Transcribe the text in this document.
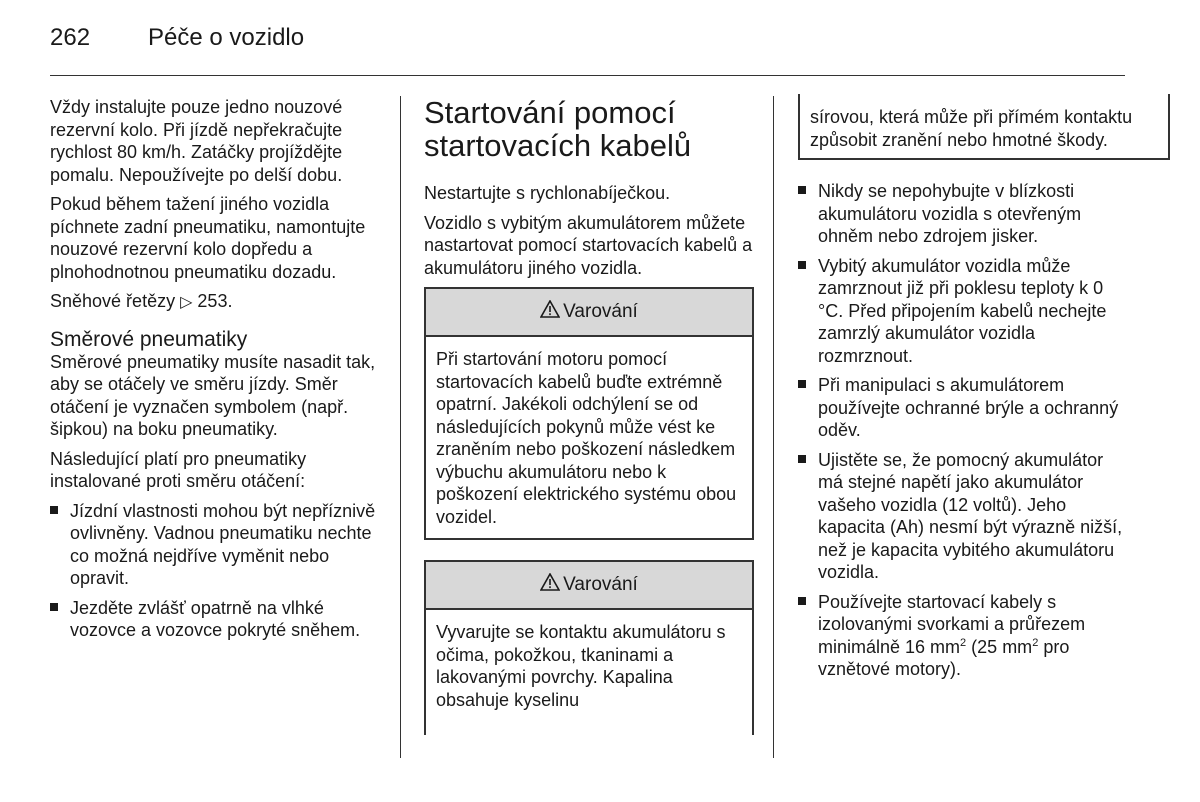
262 Péče o vozidlo

Vždy instalujte pouze jedno nouzové rezervní kolo. Při jízdě nepřekračujte rychlost 80 km/h. Zatáčky projíždějte pomalu. Nepoužívejte po delší dobu.

Pokud během tažení jiného vozidla píchnete zadní pneumatiku, namontujte nouzové rezervní kolo dopředu a plnohodnotnou pneumatiku dozadu.

Sněhové řetězy ▷ 253.

Směrové pneumatiky

Směrové pneumatiky musíte nasadit tak, aby se otáčely ve směru jízdy. Směr otáčení je vyznačen symbolem (např. šipkou) na boku pneumatiky.

Následující platí pro pneumatiky instalované proti směru otáčení:

Jízdní vlastnosti mohou být nepříznivě ovlivněny. Vadnou pneumatiku nechte co možná nejdříve vyměnit nebo opravit.
Jezděte zvlášť opatrně na vlhké vozovce a vozovce pokryté sněhem.
Startování pomocí startovacích kabelů

Nestartujte s rychlonabíječkou.

Vozidlo s vybitým akumulátorem můžete nastartovat pomocí startovacích kabelů a akumulátoru jiného vozidla.

Varování
Při startování motoru pomocí startovacích kabelů buďte extrémně opatrní. Jakékoli odchýlení se od následujících pokynů může vést ke zraněním nebo poškození následkem výbuchu akumulátoru nebo k poškození elektrického systému obou vozidel.
Varování
Vyvarujte se kontaktu akumulátoru s očima, pokožkou, tkaninami a lakovanými povrchy. Kapalina obsahuje kyselinu
sírovou, která může při přímém kontaktu způsobit zranění nebo hmotné škody.
Nikdy se nepohybujte v blízkosti akumulátoru vozidla s otevřeným ohněm nebo zdrojem jisker.
Vybitý akumulátor vozidla může zamrznout již při poklesu teploty k 0 °C. Před připojením kabelů nechejte zamrzlý akumulátor vozidla rozmrznout.
Při manipulaci s akumulátorem používejte ochranné brýle a ochranný oděv.
Ujistěte se, že pomocný akumulátor má stejné napětí jako akumulátor vašeho vozidla (12 voltů). Jeho kapacita (Ah) nesmí být výrazně nižší, než je kapacita vybitého akumulátoru vozidla.
Používejte startovací kabely s izolovanými svorkami a průřezem minimálně 16 $mm^2$ (25 $mm^2$ pro vznětové motory).
